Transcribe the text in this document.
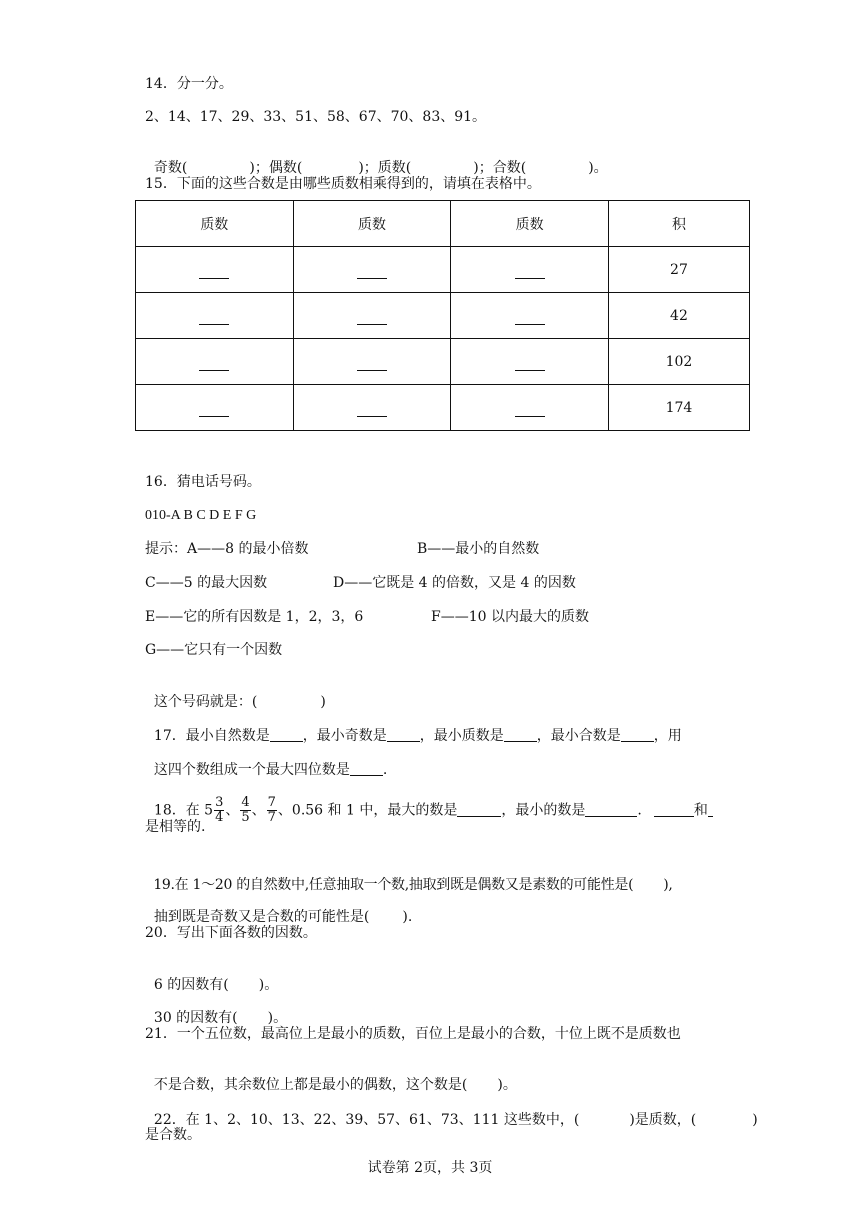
14．分一分。
2、14、17、29、33、51、58、67、70、83、91。

奇数(	)；偶数(	)；质数(	)；合数(	)。

15．下面的这些合数是由哪些质数相乘得到的，请填在表格中。
质数	质数	质数	积
			27
			42
			102
			174
16．猜电话号码。
010-A B C D E F G
提示：A——8 的最小倍数	B——最小的自然数
C——5 的最大因数	D——它既是 4 的倍数，又是 4 的因数
E——它的所有因数是 1，2，3，6	F——10 以内最大的质数
G——它只有一个因数

这个号码就是：(	)

17．最小自然数是 ，最小奇数是 ，最小质数是 ，最小合数是 ，用

这四个数组成一个最大四位数是 .

18．在 $5 \frac{3}{4}$ 、 $\frac{4}{5}$ 、 $\frac{7}{7}$ 、0.56 和 1 中，最大的数是	，最小的数是	.	和

是相等的.

19.在 1～20 的自然数中,任意抽取一个数,抽取到既是偶数又是素数的可能性是( ),

抽到既是奇数又是合数的可能性是( ).

20．写出下面各数的因数。

6 的因数有( )。

30 的因数有( )。

21．一个五位数，最高位上是最小的质数，百位上是最小的合数，十位上既不是质数也

不是合数，其余数位上都是最小的偶数，这个数是( )。

22．在 1、2、10、13、22、39、57、61、73、111 这些数中，(	)是质数，(	)

是合数。
试卷第 2页，共 3页
